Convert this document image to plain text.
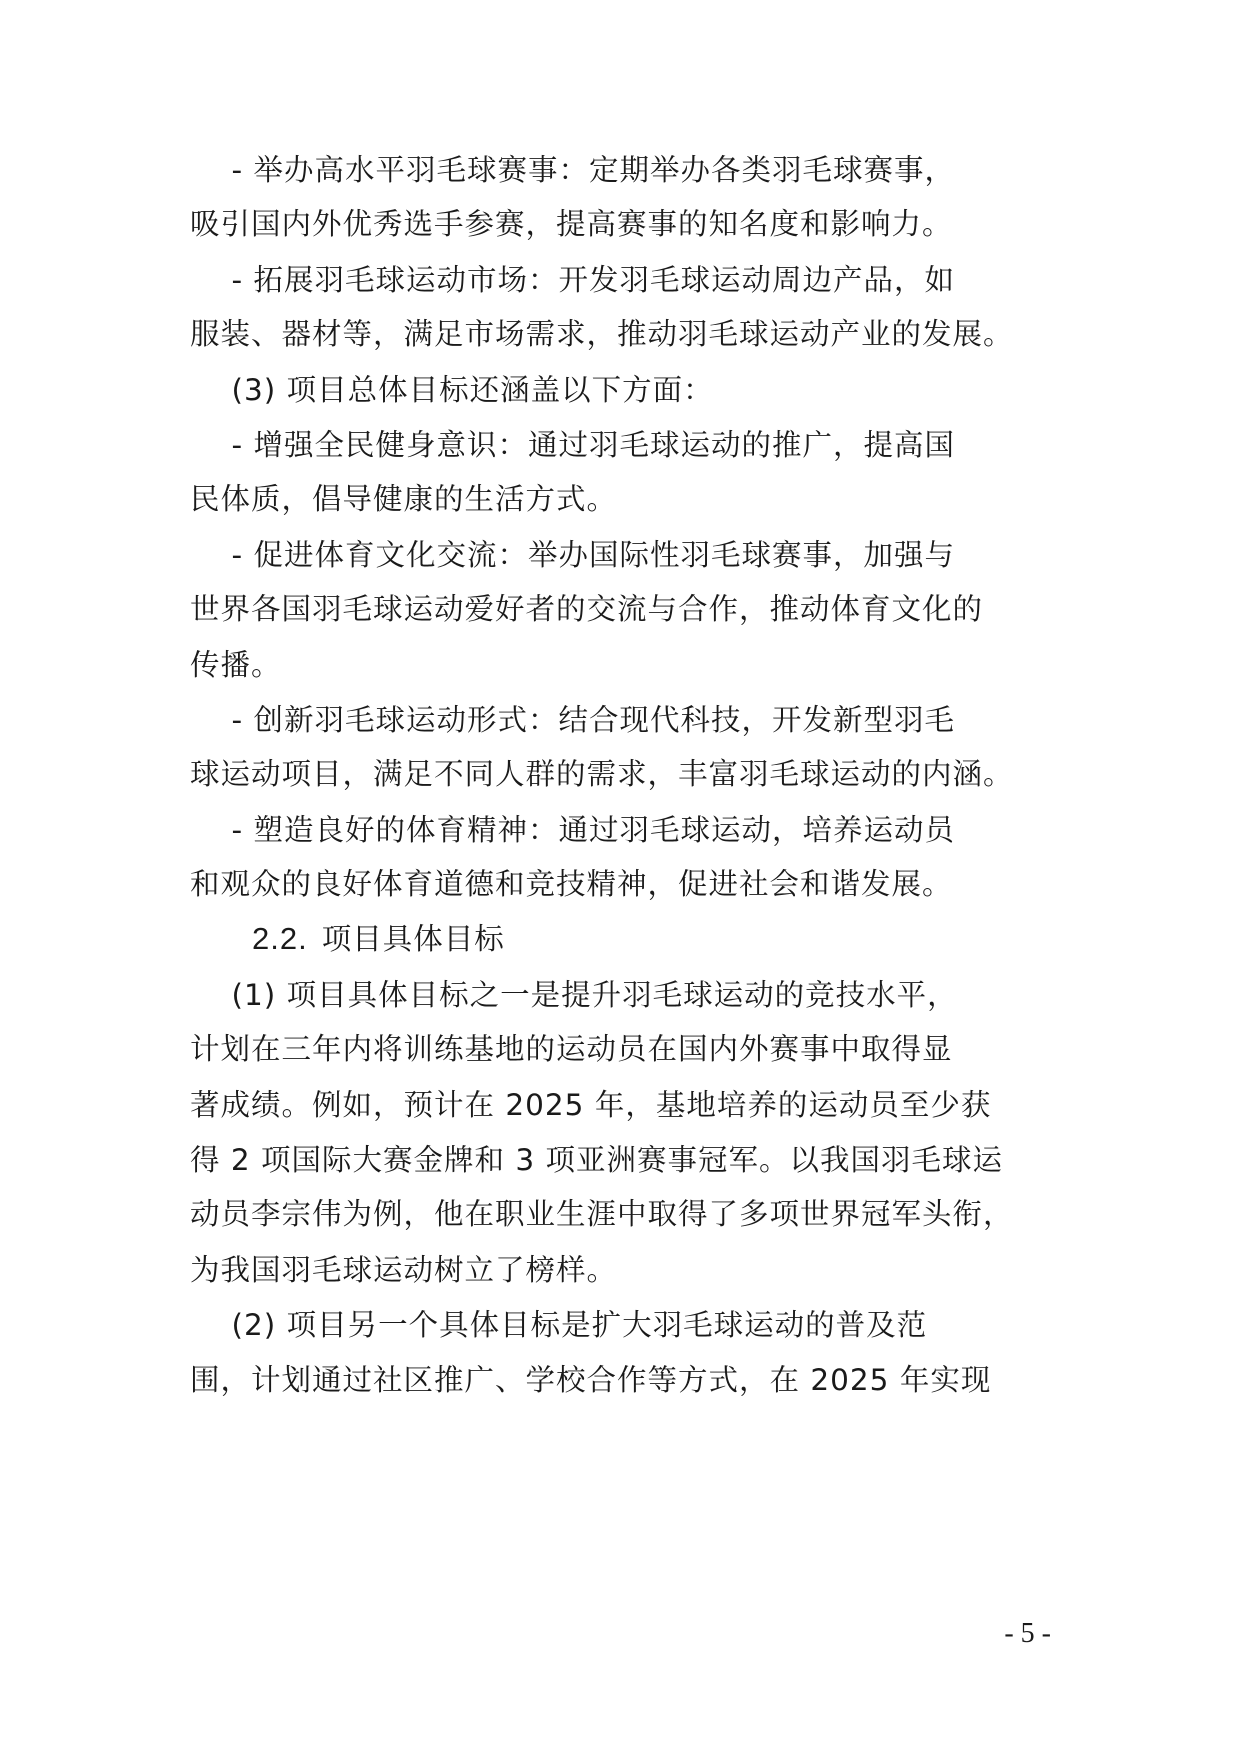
- 举办高水平羽毛球赛事：定期举办各类羽毛球赛事，
吸引国内外优秀选手参赛，提高赛事的知名度和影响力。
- 拓展羽毛球运动市场：开发羽毛球运动周边产品，如
服装、器材等，满足市场需求，推动羽毛球运动产业的发展。
(3) 项目总体目标还涵盖以下方面：
- 增强全民健身意识：通过羽毛球运动的推广，提高国
民体质，倡导健康的生活方式。
- 促进体育文化交流：举办国际性羽毛球赛事，加强与
世界各国羽毛球运动爱好者的交流与合作，推动体育文化的
传播。
- 创新羽毛球运动形式：结合现代科技，开发新型羽毛
球运动项目，满足不同人群的需求，丰富羽毛球运动的内涵。
- 塑造良好的体育精神：通过羽毛球运动，培养运动员
和观众的良好体育道德和竞技精神，促进社会和谐发展。
2.2. 项目具体目标
(1) 项目具体目标之一是提升羽毛球运动的竞技水平，
计划在三年内将训练基地的运动员在国内外赛事中取得显
著成绩。例如，预计在 2025 年，基地培养的运动员至少获
得 2 项国际大赛金牌和 3 项亚洲赛事冠军。以我国羽毛球运
动员李宗伟为例，他在职业生涯中取得了多项世界冠军头衔，
为我国羽毛球运动树立了榜样。
(2) 项目另一个具体目标是扩大羽毛球运动的普及范
围，计划通过社区推广、学校合作等方式，在 2025 年实现
- 5 -
